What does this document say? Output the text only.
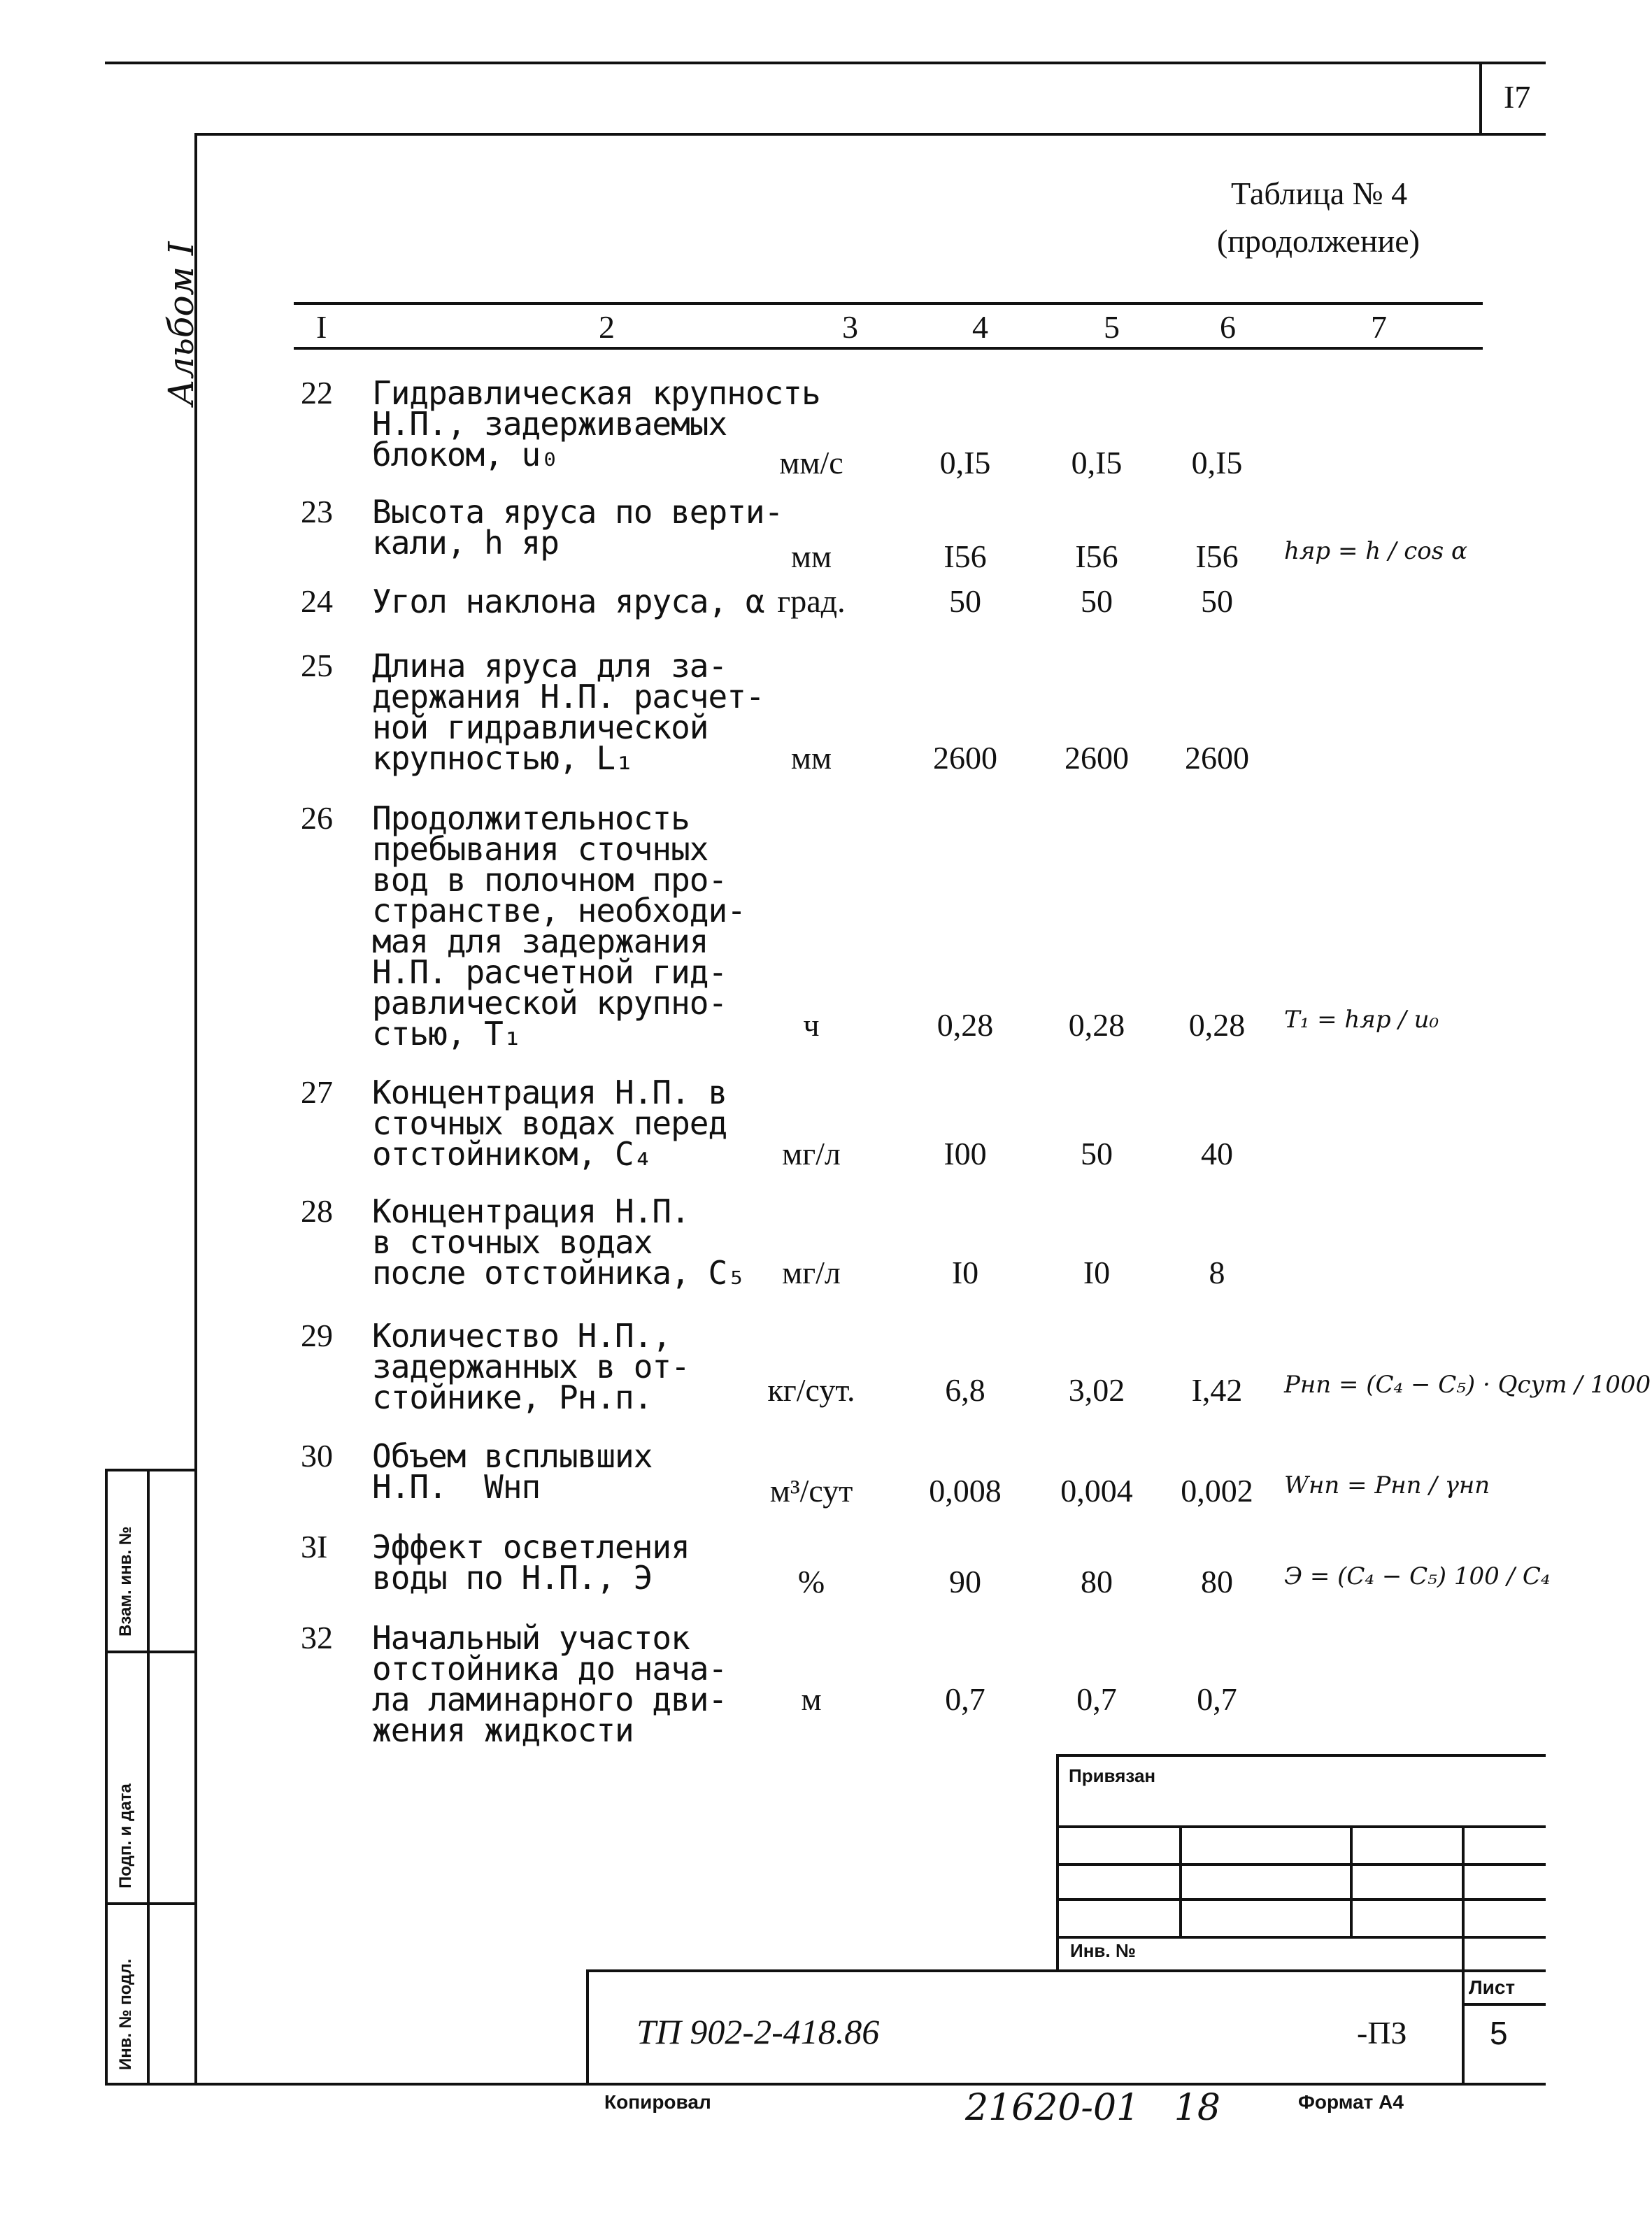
I7
Альбом I
Таблица № 4
(продолжение)
I	2	3	4	5	6	7
22 Гидравлическая крупность
Н.П., задерживаемых
блоком, u₀	мм/с	0,I5	0,I5	0,I5
23 Высота яруса по верти-
кали, h яр	мм	I56	I56	I56	hяр = h / cos α
24 Угол наклона яруса, α град.	50	50	50
25 Длина яруса для за-
держания Н.П. расчет-
ной гидравлической
крупностью, L₁	мм	2600	2600	2600
26 Продолжительность
пребывания сточных
вод в полочном про-
странстве, необходи-
мая для задержания
Н.П. расчетной гид-
равлической крупно-
стью, T₁	ч	0,28	0,28	0,28	T₁ = hяр / u₀
27 Концентрация Н.П. в
сточных водах перед
отстойником, C₄	мг/л	I00	50	40
28 Концентрация Н.П.
в сточных водах
после отстойника, C₅	мг/л	I0	I0	8
29 Количество Н.П.,
задержанных в от-
стойнике, Pн.п.	кг/сут.	6,8	3,02	I,42	Pнп = (C₄ − C₅) · Qсут / 1000
30 Объем всплывших
Н.П.  Wнп	м³/сут	0,008	0,004	0,002	Wнп = Pнп / γнп
3I Эффект осветления
воды по Н.П., Э	%	90	80	80	Э = (C₄ − C₅) 100 / C₄
32 Начальный участок
отстойника до нача-
ла ламинарного дви-
жения жидкости
м	0,7	0,7	0,7
Взам. инв. №
Подп. и дата
Инв. № подл.
Привязан
Инв. №
Лист
5
ТП 902-2-418.86	-ПЗ
Копировал	21620-01   18	Формат А4
